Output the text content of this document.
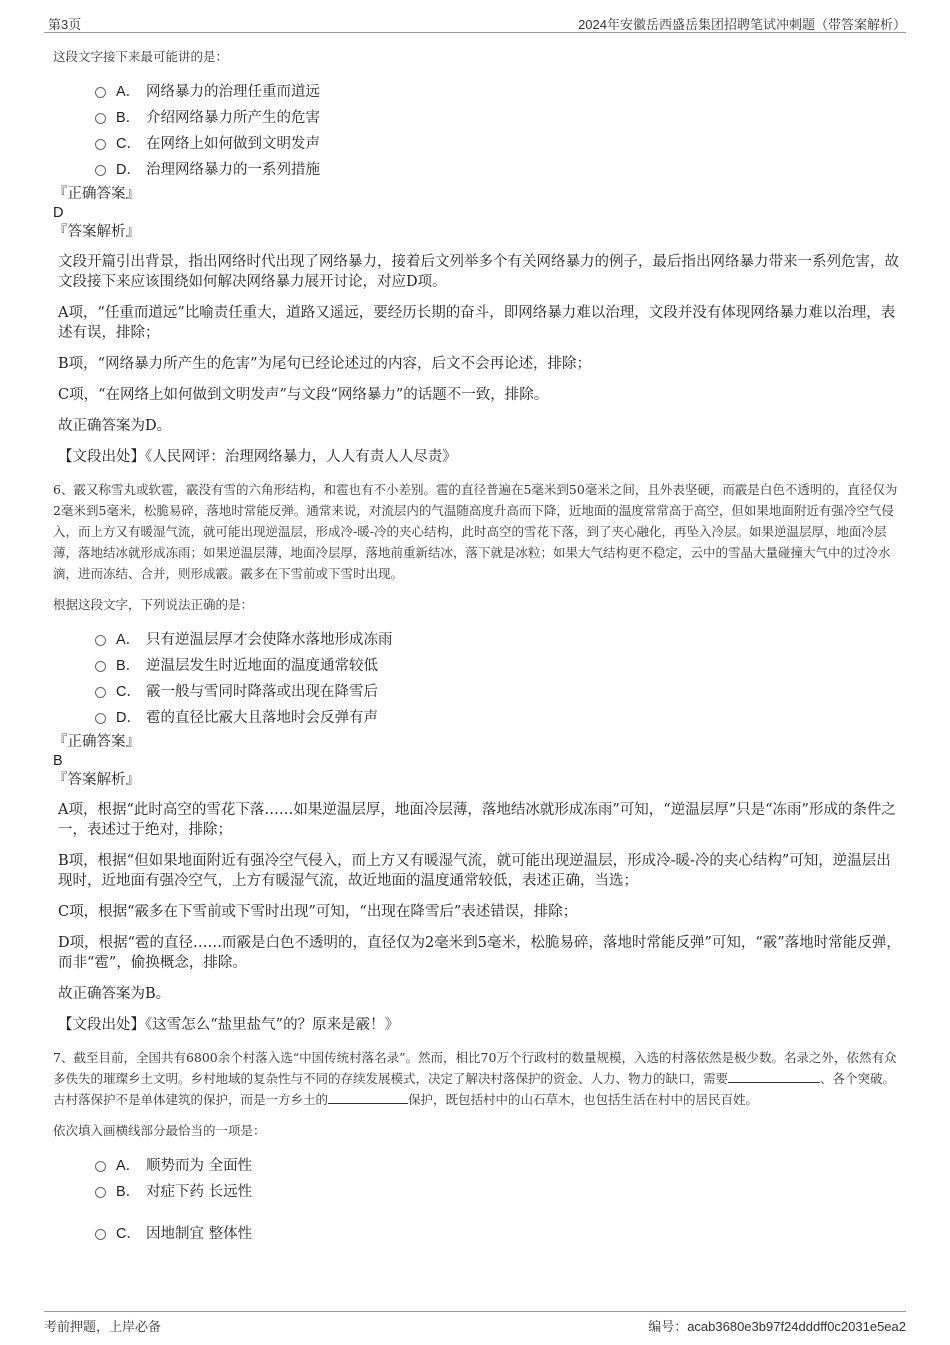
第3页	2024年安徽岳西盛岳集团招聘笔试冲刺题（带答案解析）

这段文字接下来最可能讲的是：

A． 网络暴力的治理任重而道远
B． 介绍网络暴力所产生的危害
C． 在网络上如何做到文明发声
D． 治理网络暴力的一系列措施

『正确答案』

D

『答案解析』

文段开篇引出背景，指出网络时代出现了网络暴力，接着后文列举多个有关网络暴力的例子，最后指出网络暴力带来一系列危害，故文段接下来应该围绕如何解决网络暴力展开讨论，对应D项。

A项，“任重而道远”比喻责任重大，道路又遥远，要经历长期的奋斗，即网络暴力难以治理，文段并没有体现网络暴力难以治理，表述有误，排除；

B项，“网络暴力所产生的危害”为尾句已经论述过的内容，后文不会再论述，排除；

C项，“在网络上如何做到文明发声”与文段“网络暴力”的话题不一致，排除。

故正确答案为D。

【文段出处】《人民网评：治理网络暴力，人人有责人人尽责》

6、霰又称雪丸或软雹，霰没有雪的六角形结构，和雹也有不小差别。雹的直径普遍在5毫米到50毫米之间，且外表坚硬，而霰是白色不透明的，直径仅为2毫米到5毫米，松脆易碎，落地时常能反弹。通常来说，对流层内的气温随高度升高而下降，近地面的温度常常高于高空，但如果地面附近有强冷空气侵入，而上方又有暖湿气流，就可能出现逆温层，形成冷-暖-冷的夹心结构，此时高空的雪花下落，到了夹心融化，再坠入冷层。如果逆温层厚，地面冷层薄，落地结冰就形成冻雨；如果逆温层薄，地面冷层厚，落地前重新结冰，落下就是冰粒；如果大气结构更不稳定，云中的雪晶大量碰撞大气中的过冷水滴，进而冻结、合并，则形成霰。霰多在下雪前或下雪时出现。

根据这段文字，下列说法正确的是：

A． 只有逆温层厚才会使降水落地形成冻雨
B． 逆温层发生时近地面的温度通常较低
C． 霰一般与雪同时降落或出现在降雪后
D． 雹的直径比霰大且落地时会反弹有声

『正确答案』

B

『答案解析』

A项，根据“此时高空的雪花下落……如果逆温层厚，地面冷层薄，落地结冰就形成冻雨”可知，“逆温层厚”只是“冻雨”形成的条件之一，表述过于绝对，排除；

B项，根据“但如果地面附近有强冷空气侵入，而上方又有暖湿气流，就可能出现逆温层，形成冷-暖-冷的夹心结构”可知，逆温层出现时，近地面有强冷空气，上方有暖湿气流，故近地面的温度通常较低，表述正确，当选；

C项，根据“霰多在下雪前或下雪时出现”可知，“出现在降雪后”表述错误，排除；

D项，根据“雹的直径……而霰是白色不透明的，直径仅为2毫米到5毫米，松脆易碎，落地时常能反弹”可知，“霰”落地时常能反弹，而非“雹”，偷换概念，排除。

故正确答案为B。

【文段出处】《这雪怎么“盐里盐气”的？原来是霰！》

7、截至目前，全国共有6800余个村落入选“中国传统村落名录”。然而，相比70万个行政村的数量规模，入选的村落依然是极少数。名录之外，依然有众多佚失的璀璨乡土文明。乡村地域的复杂性与不同的存续发展模式，决定了解决村落保护的资金、人力、物力的缺口，需要	、各个突破。古村落保护不是单体建筑的保护，而是一方乡土的	保护，既包括村中的山石草木，也包括生活在村中的居民百姓。

依次填入画横线部分最恰当的一项是：

A． 顺势而为 全面性
B． 对症下药 长远性
C． 因地制宜 整体性
考前押题，上岸必备	编号：acab3680e3b97f24dddff0c2031e5ea2
